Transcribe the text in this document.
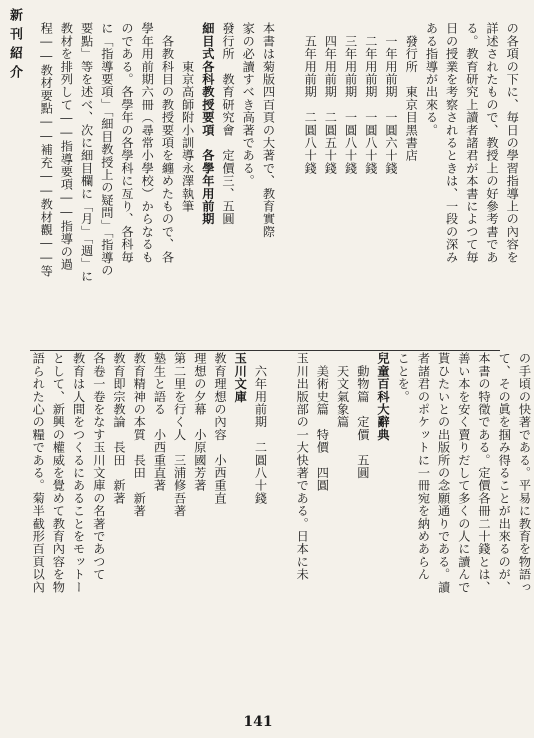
新刊紹介	本書は菊版四百頁の大著で、教育實際
家の必讀すべき高著である。
發行所　教育研究會　定價三、五圓
細目式各科教授要項　各學年用前期
　　　東京高師附小訓導永澤執筆
　各教科目の教授要項を纏めたもので、各
學年用前期六冊（尋常小學校）からなるも
のである。各學年の各學科に亙り、各科毎
に「指導要項」「細目教授上の疑問」「指導の
要點」等を述べ、次に細目欄に「月」「週」に
教材を排列して――指導要項――指導の過
程――教材要點――補充――教材觀――等	の各項の下に、毎日の學習指導上の內容を
詳述されたもので、教授上の好參考書であ
る。教育研究上讀者諸君が本書によつて毎
日の授業を考察されるときは、一段の深み
ある指導が出來る。
　發行所　東京目黑書店
　一年用前期　一圓六十錢
　二年用前期　一圓八十錢
　三年用前期　一圓八十錢
　四年用前期　二圓五十錢
　五年用前期　二圓八十錢
　六年用前期　二圓八十錢
玉川文庫
教育理想の內容　小西重直
理想の夕幕　小原國芳著
第二里を行く人　三浦修吾著
塾生と語る　小西重直著
教育精神の本質　長田　新著
教育即宗教論　長田　新著
各卷一卷をなす玉川文庫の名著であつて
教育は人間をつくるにあることをモットー
として、新興の權威を覺めて教育內容を物
語られた心の糧である。菊半截形百頁以內	の手頃の快著である。平易に教育を物語っ
て、その眞を掴み得ることが出來るのが、
本書の特徵である。定價各冊二十錢とは、
善い本を安く賣りだして多くの人に讀んで
貰ひたいとの出版所の念願通りである。讀
者諸君のポケットに一冊宛を納めあらん
ことを。
兒童百科大辭典
　動物篇　定價　五圓
　天文氣象篇　　　　
　美術史篇　特價　四圓
玉川出版部の一大快著である。日本に未
141
